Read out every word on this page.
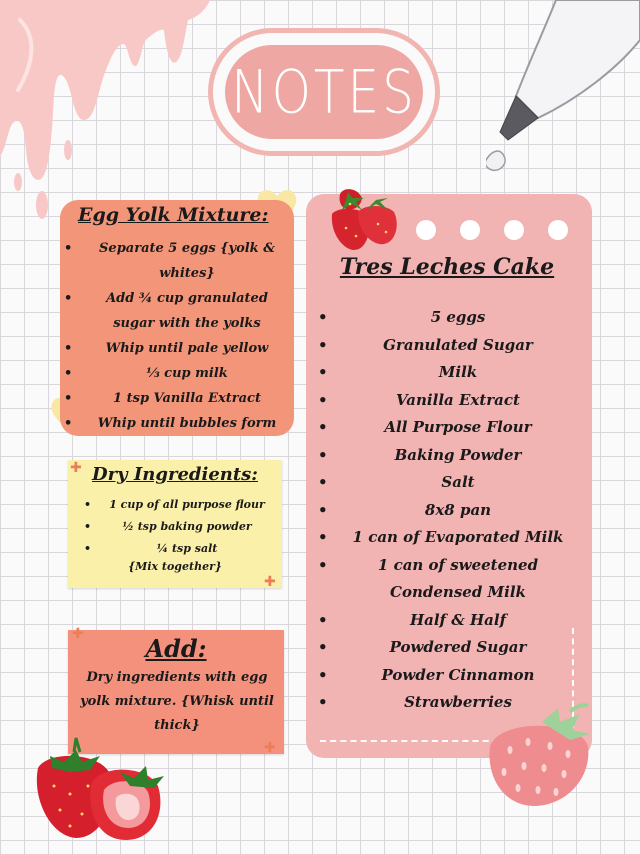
NOTES
Egg Yolk Mixture:
• Separate 5 eggs {yolk & whites}
• Add ¾ cup granulated sugar with the yolks
• Whip until pale yellow
• ⅓ cup milk
• 1 tsp Vanilla Extract
• Whip until bubbles form
✚
✚
Dry Ingredients:
• 1 cup of all purpose flour
• ½ tsp baking powder
• ¼ tsp salt
{Mix together}
✚
✚
Add:
Dry ingredients with egg yolk mixture. {Whisk until thick}
Tres Leches Cake
• 5 eggs
• Granulated Sugar
• Milk
• Vanilla Extract
• All Purpose Flour
• Baking Powder
• Salt
• 8x8 pan
• 1 can of Evaporated Milk
• 1 can of sweetened Condensed Milk
• Half & Half
• Powdered Sugar
• Powder Cinnamon
• Strawberries
